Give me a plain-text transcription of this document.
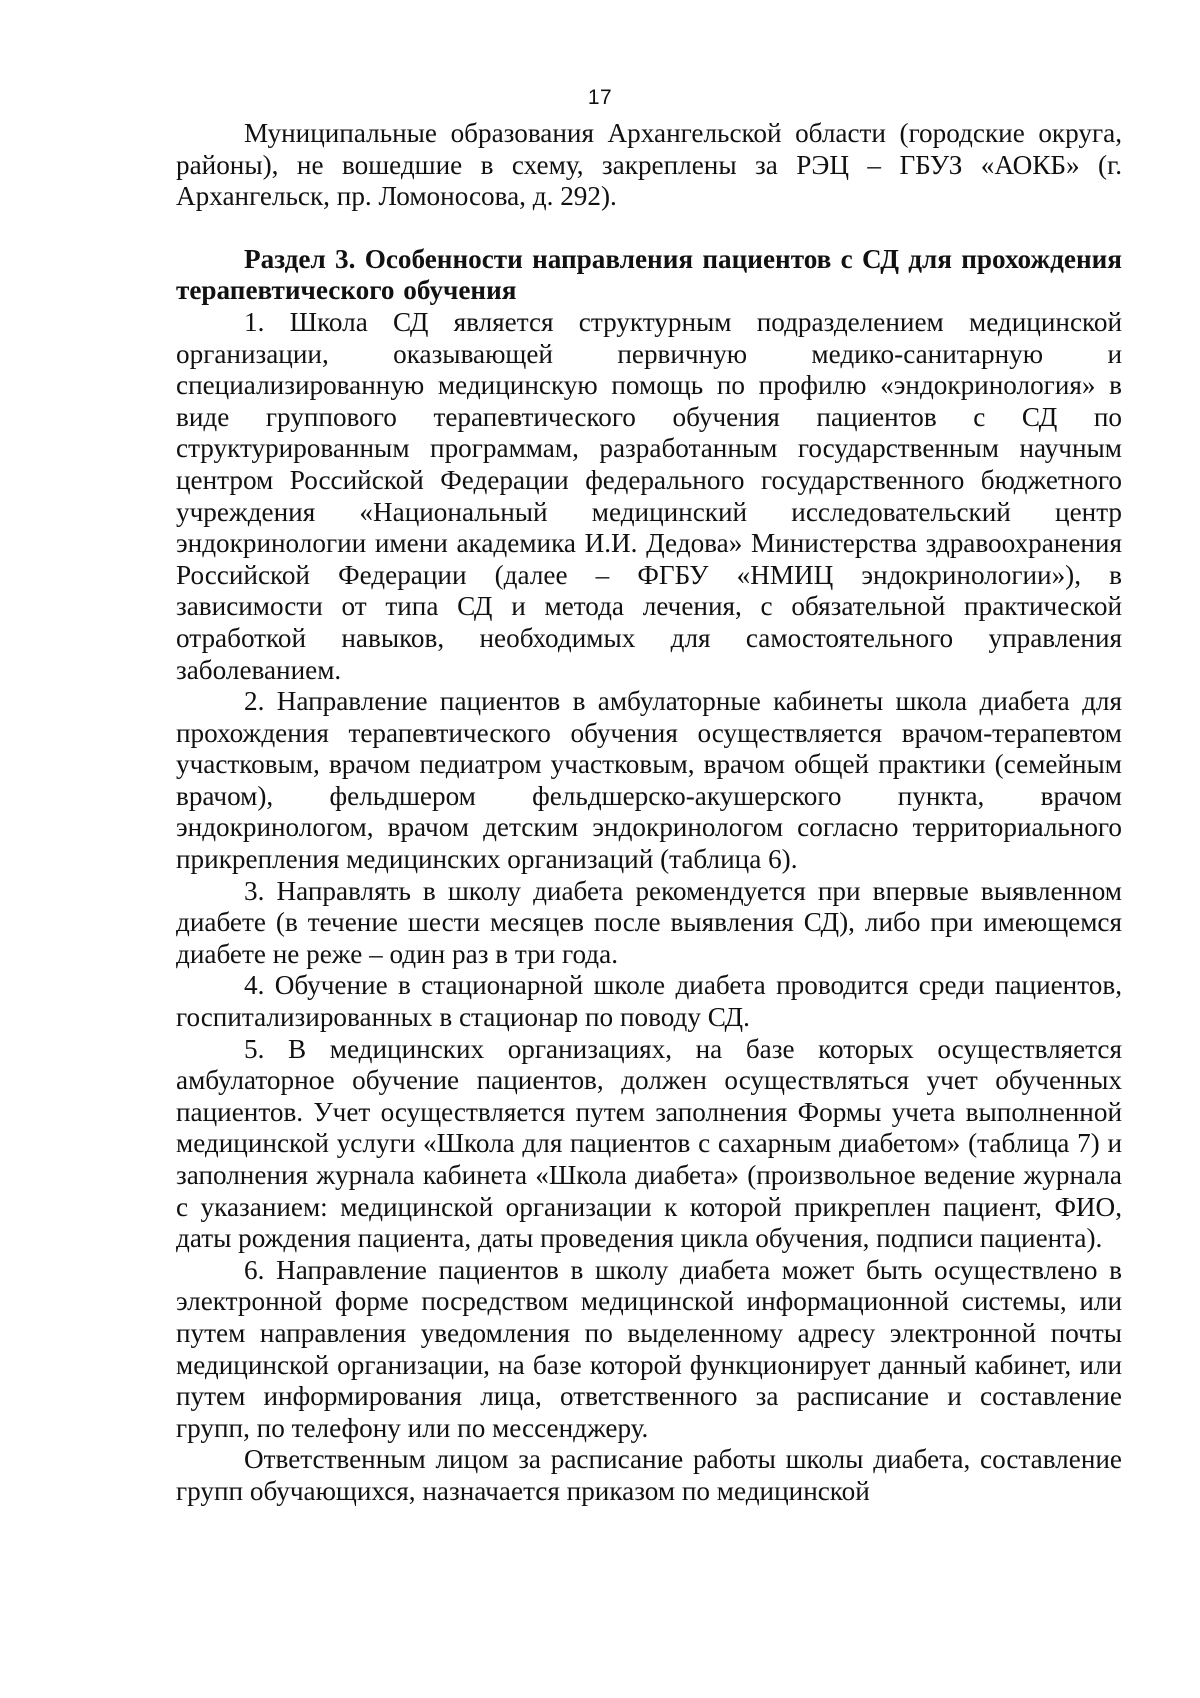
17

Муниципальные образования Архангельской области (городские округа, районы), не вошедшие в схему, закреплены за РЭЦ – ГБУЗ «АОКБ» (г. Архангельск, пр. Ломоносова, д. 292).

Раздел 3. Особенности направления пациентов с СД для прохождения терапевтического обучения

1. Школа СД является структурным подразделением медицинской организации, оказывающей первичную медико-санитарную и специализированную медицинскую помощь по профилю «эндокринология» в виде группового терапевтического обучения пациентов с СД по структурированным программам, разработанным государственным научным центром Российской Федерации федерального государственного бюджетного учреждения «Национальный медицинский исследовательский центр эндокринологии имени академика И.И. Дедова» Министерства здравоохранения Российской Федерации (далее – ФГБУ «НМИЦ эндокринологии»), в зависимости от типа СД и метода лечения, с обязательной практической отработкой навыков, необходимых для самостоятельного управления заболеванием.

2. Направление пациентов в амбулаторные кабинеты школа диабета для прохождения терапевтического обучения осуществляется врачом-терапевтом участковым, врачом педиатром участковым, врачом общей практики (семейным врачом), фельдшером фельдшерско-акушерского пункта, врачом эндокринологом, врачом детским эндокринологом согласно территориального прикрепления медицинских организаций (таблица 6).

3. Направлять в школу диабета рекомендуется при впервые выявленном диабете (в течение шести месяцев после выявления СД), либо при имеющемся диабете не реже – один раз в три года.

4. Обучение в стационарной школе диабета проводится среди пациентов, госпитализированных в стационар по поводу СД.

5. В медицинских организациях, на базе которых осуществляется амбулаторное обучение пациентов, должен осуществляться учет обученных пациентов. Учет осуществляется путем заполнения Формы учета выполненной медицинской услуги «Школа для пациентов с сахарным диабетом» (таблица 7) и заполнения журнала кабинета «Школа диабета» (произвольное ведение журнала с указанием: медицинской организации к которой прикреплен пациент, ФИО, даты рождения пациента, даты проведения цикла обучения, подписи пациента).

6. Направление пациентов в школу диабета может быть осуществлено в электронной форме посредством медицинской информационной системы, или путем направления уведомления по выделенному адресу электронной почты медицинской организации, на базе которой функционирует данный кабинет, или путем информирования лица, ответственного за расписание и составление групп, по телефону или по мессенджеру.

Ответственным лицом за расписание работы школы диабета, составление групп обучающихся, назначается приказом по медицинской
